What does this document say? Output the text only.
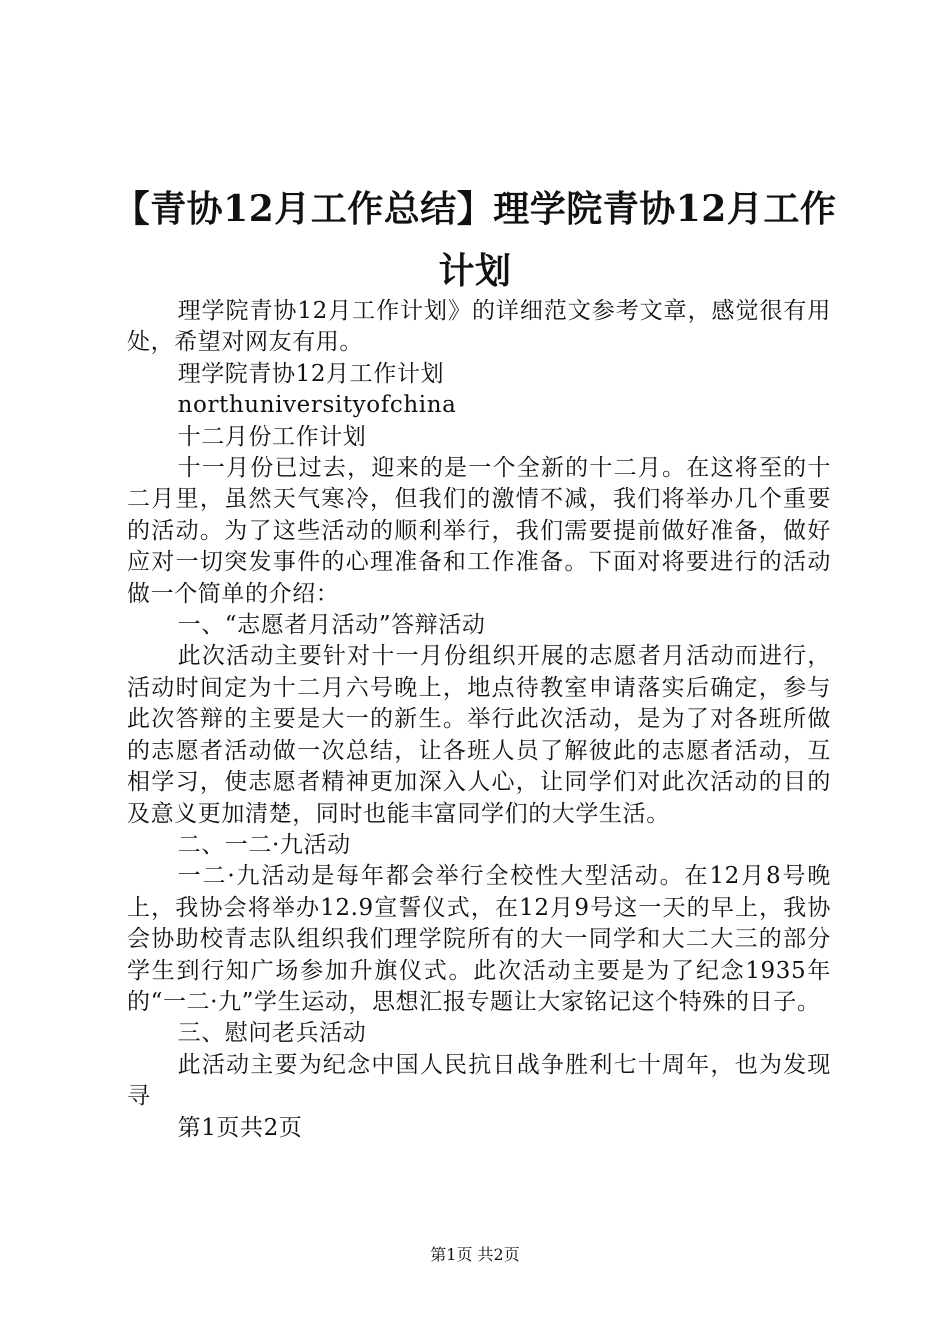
【青协12月工作总结】理学院青协12月工作计划

理学院青协12月工作计划》的详细范文参考文章，感觉很有用处，希望对网友有用。

理学院青协12月工作计划

northuniversityofchina

十二月份工作计划

十一月份已过去，迎来的是一个全新的十二月。在这将至的十二月里，虽然天气寒冷，但我们的激情不减，我们将举办几个重要的活动。为了这些活动的顺利举行，我们需要提前做好准备，做好应对一切突发事件的心理准备和工作准备。下面对将要进行的活动做一个简单的介绍：

一、“志愿者月活动”答辩活动

此次活动主要针对十一月份组织开展的志愿者月活动而进行，活动时间定为十二月六号晚上，地点待教室申请落实后确定，参与此次答辩的主要是大一的新生。举行此次活动，是为了对各班所做的志愿者活动做一次总结，让各班人员了解彼此的志愿者活动，互相学习，使志愿者精神更加深入人心，让同学们对此次活动的目的及意义更加清楚，同时也能丰富同学们的大学生活。

二、一二·九活动

一二·九活动是每年都会举行全校性大型活动。在12月8号晚上，我协会将举办12.9宣誓仪式，在12月9号这一天的早上，我协会协助校青志队组织我们理学院所有的大一同学和大二大三的部分学生到行知广场参加升旗仪式。此次活动主要是为了纪念1935年的“一二·九”学生运动，思想汇报专题让大家铭记这个特殊的日子。

三、慰问老兵活动

此活动主要为纪念中国人民抗日战争胜利七十周年，也为发现寻

第1页共2页

第1页 共2页
